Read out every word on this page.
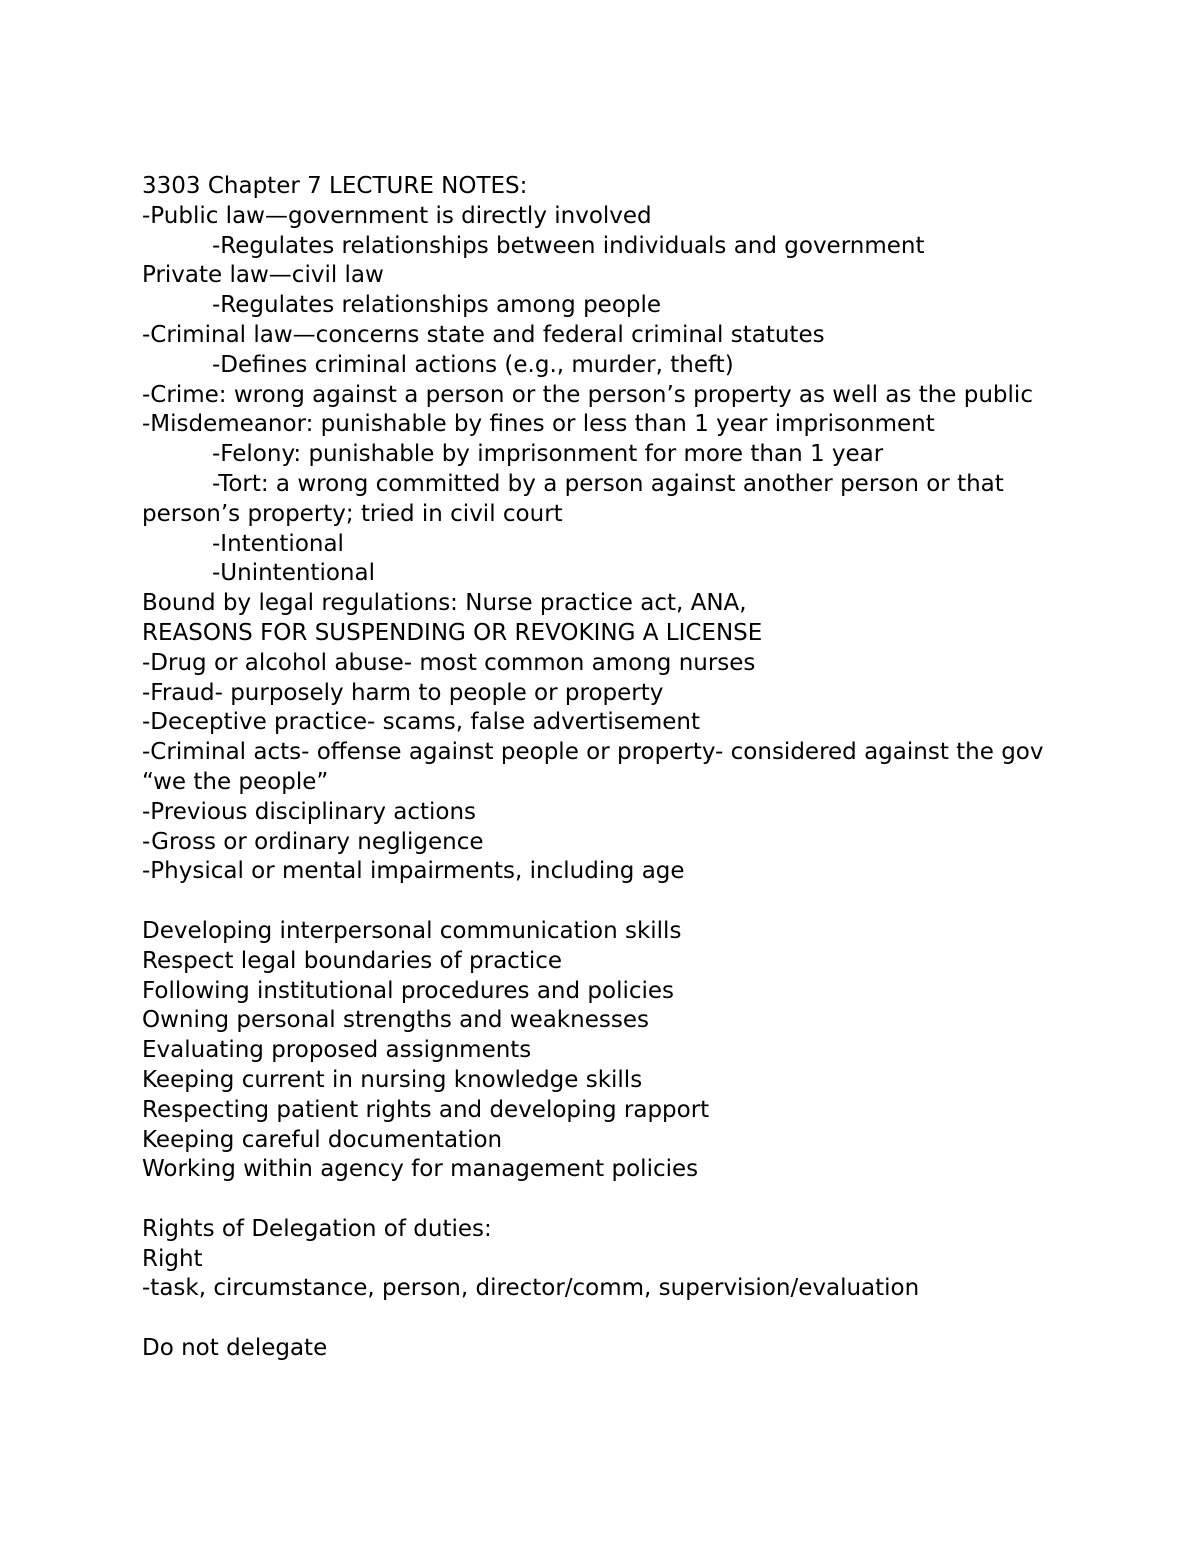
3303 Chapter 7 LECTURE NOTES:
-Public law—government is directly involved
-Regulates relationships between individuals and government
Private law—civil law
-Regulates relationships among people
-Criminal law—concerns state and federal criminal statutes
-Defines criminal actions (e.g., murder, theft)
-Crime: wrong against a person or the person’s property as well as the public
-Misdemeanor: punishable by fines or less than 1 year imprisonment
-Felony: punishable by imprisonment for more than 1 year
-Tort: a wrong committed by a person against another person or that person’s property; tried in civil court
-Intentional
-Unintentional
Bound by legal regulations: Nurse practice act, ANA,
REASONS FOR SUSPENDING OR REVOKING A LICENSE
-Drug or alcohol abuse- most common among nurses
-Fraud- purposely harm to people or property
-Deceptive practice- scams, false advertisement
-Criminal acts- offense against people or property- considered against the gov “we the people”
-Previous disciplinary actions
-Gross or ordinary negligence
-Physical or mental impairments, including age
Developing interpersonal communication skills
Respect legal boundaries of practice
Following institutional procedures and policies
Owning personal strengths and weaknesses
Evaluating proposed assignments
Keeping current in nursing knowledge skills
Respecting patient rights and developing rapport
Keeping careful documentation
Working within agency for management policies
Rights of Delegation of duties:
Right
-task, circumstance, person, director/comm, supervision/evaluation
Do not delegate
